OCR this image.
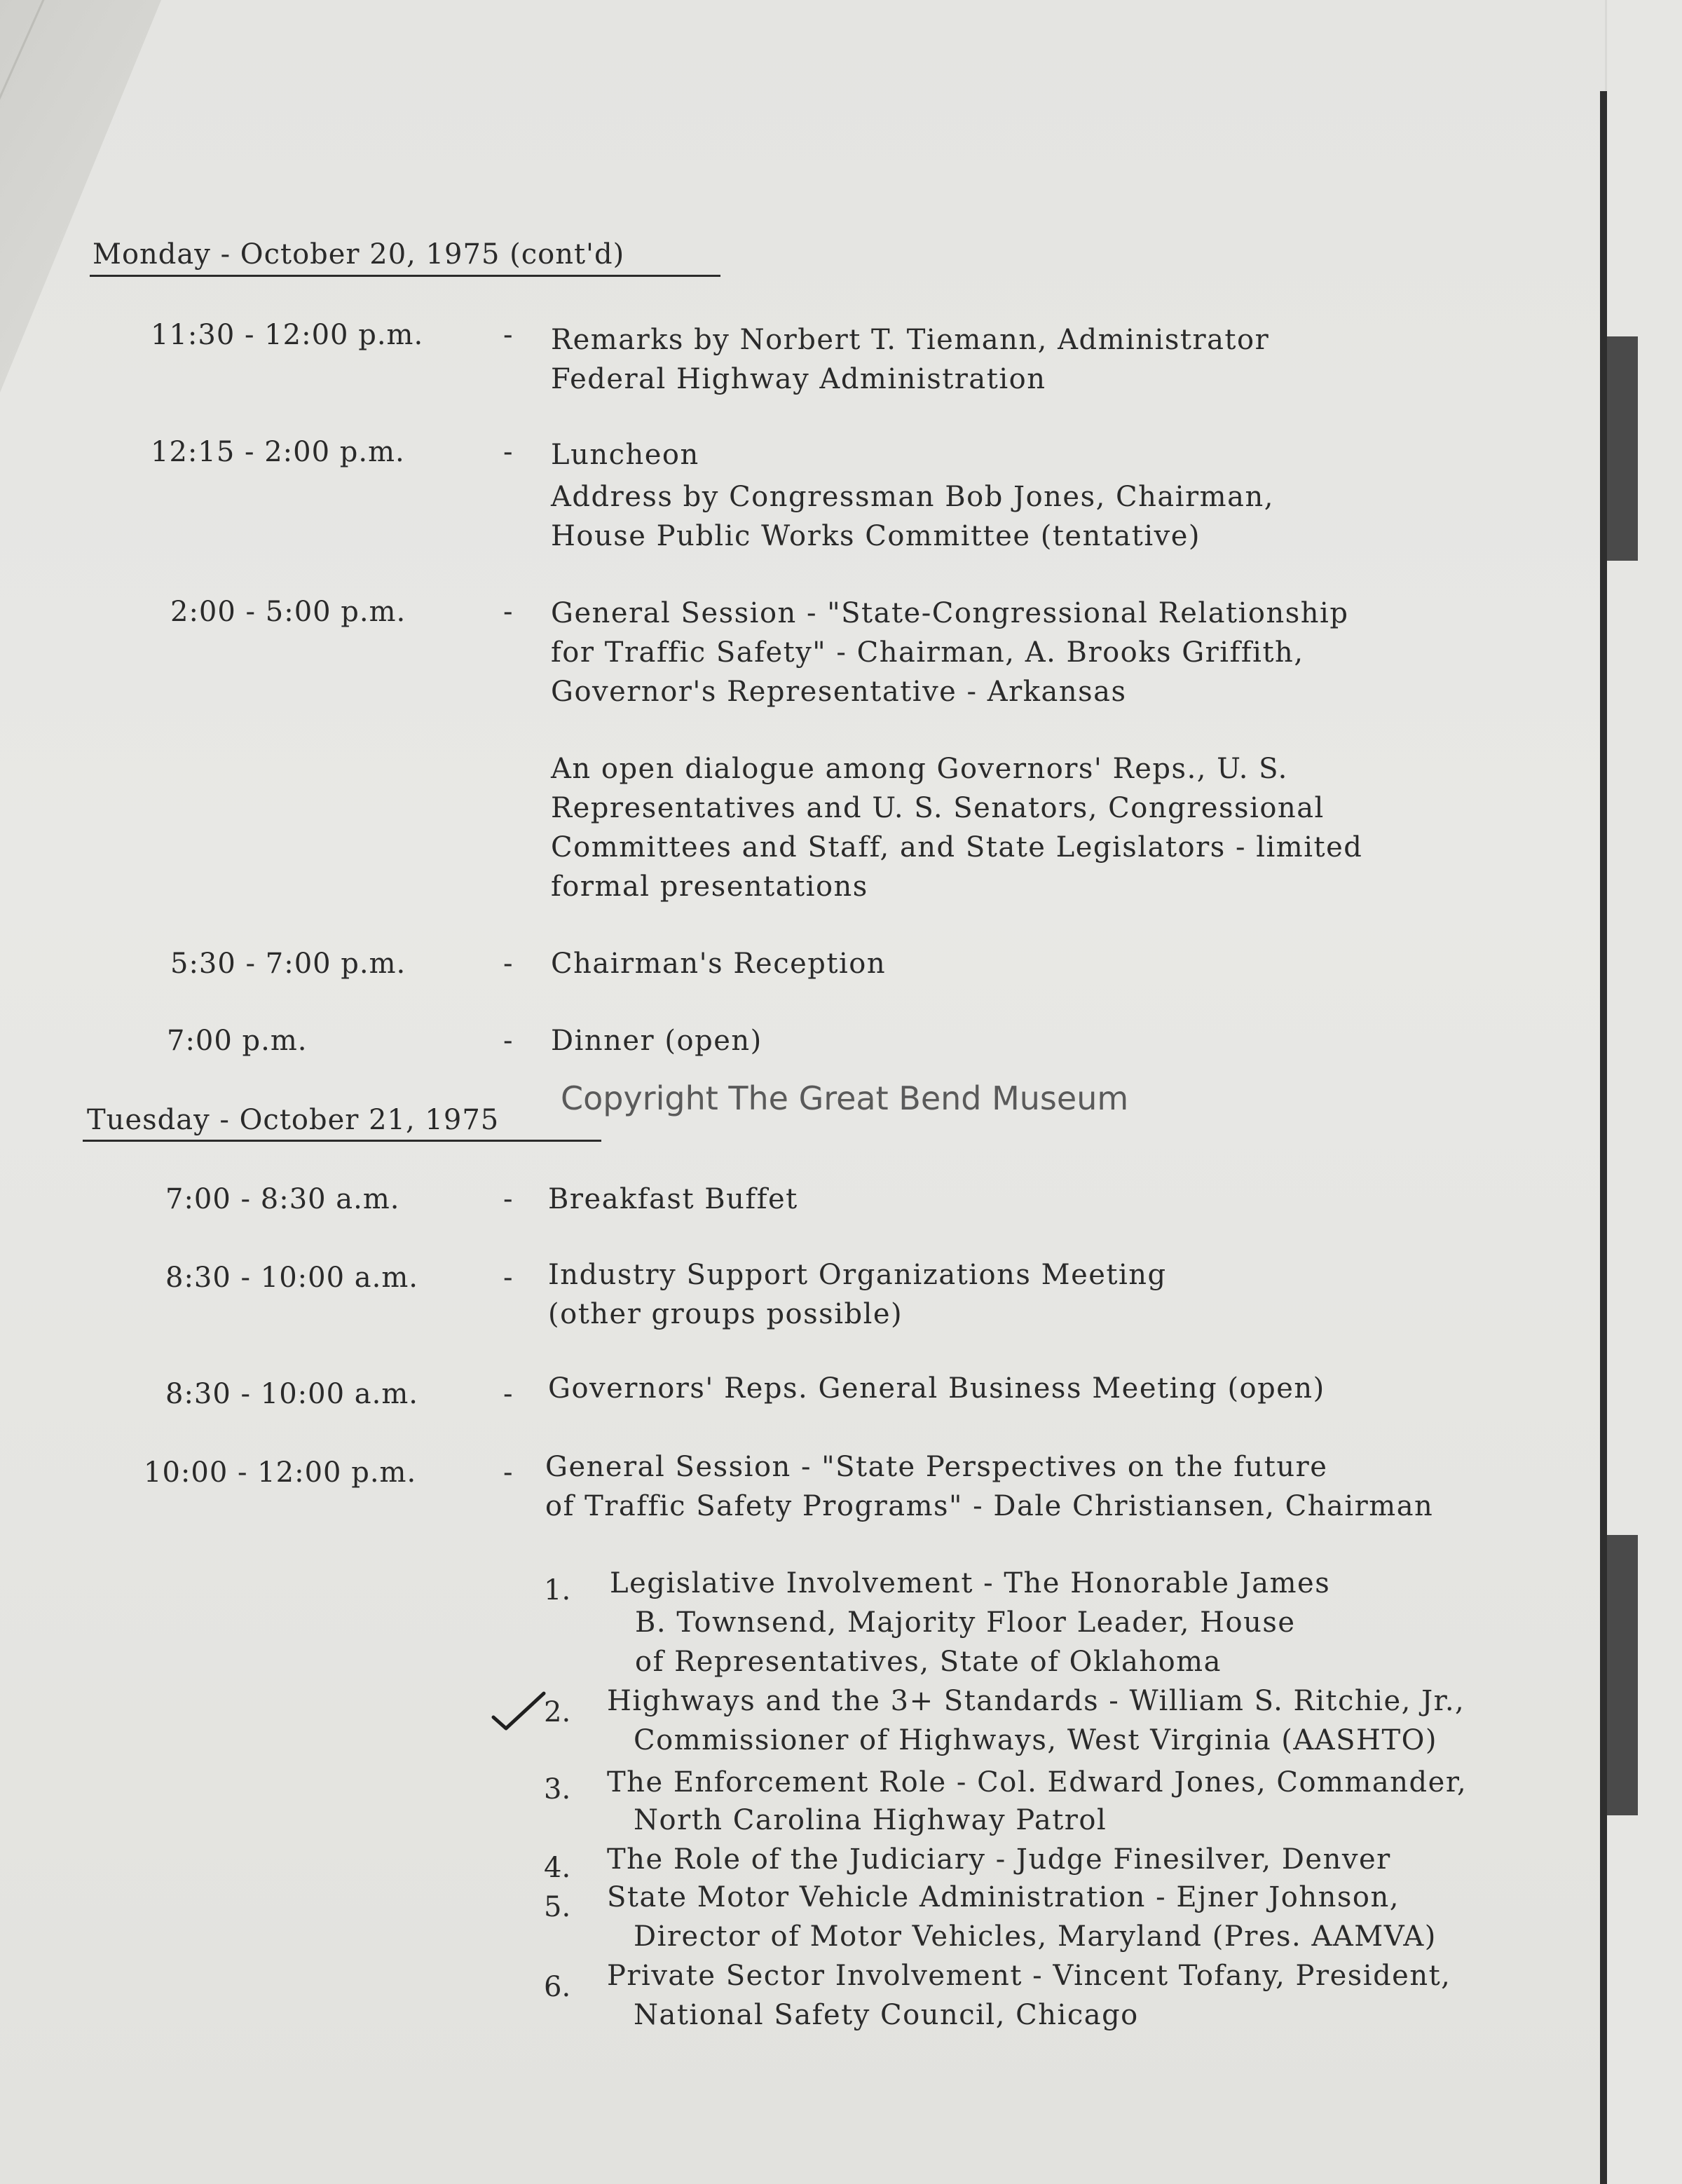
Monday - October 20, 1975 (cont'd)
11:30 - 12:00 p.m.	- Remarks by Norbert T. Tiemann, Administrator
Federal Highway Administration
12:15 - 2:00 p.m.	- Luncheon
Address by Congressman Bob Jones, Chairman,
House Public Works Committee (tentative)
2:00 - 5:00 p.m.	- General Session - "State-Congressional Relationship
for Traffic Safety" - Chairman, A. Brooks Griffith,
Governor's Representative - Arkansas
An open dialogue among Governors' Reps., U. S.
Representatives and U. S. Senators, Congressional
Committees and Staff, and State Legislators - limited
formal presentations
5:30 - 7:00 p.m.	- Chairman's Reception
7:00 p.m.	- Dinner (open)
Copyright The Great Bend Museum
Tuesday - October 21, 1975
7:00 - 8:30 a.m.	- Breakfast Buffet
8:30 - 10:00 a.m.	- Industry Support Organizations Meeting
(other groups possible)
8:30 - 10:00 a.m.	- Governors' Reps. General Business Meeting (open)
10:00 - 12:00 p.m.	- General Session - "State Perspectives on the future
of Traffic Safety Programs" - Dale Christiansen, Chairman
1. Legislative Involvement - The Honorable James
B. Townsend, Majority Floor Leader, House
of Representatives, State of Oklahoma
2. Highways and the 3+ Standards - William S. Ritchie, Jr.,
Commissioner of Highways, West Virginia (AASHTO)
3. The Enforcement Role - Col. Edward Jones, Commander,
North Carolina Highway Patrol
4. The Role of the Judiciary - Judge Finesilver, Denver
5. State Motor Vehicle Administration - Ejner Johnson,
Director of Motor Vehicles, Maryland (Pres. AAMVA)
6. Private Sector Involvement - Vincent Tofany, President,
National Safety Council, Chicago
